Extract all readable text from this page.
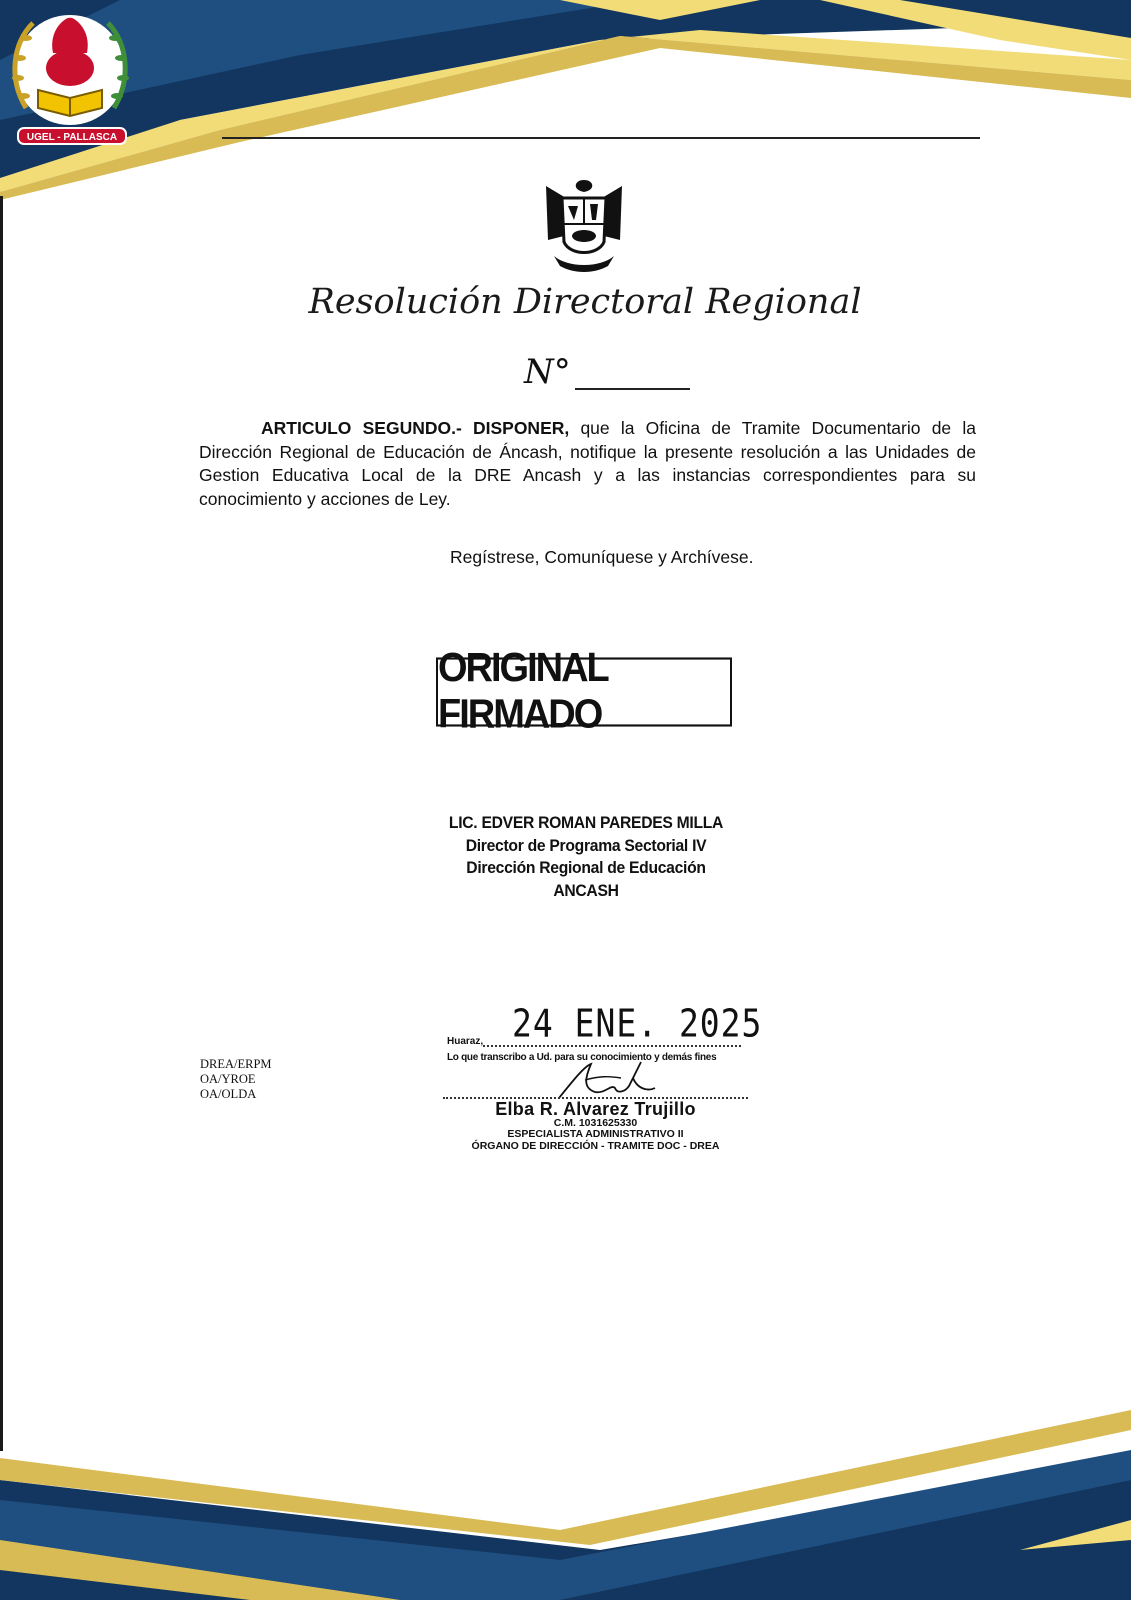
UGEL - PALLASCA
Resolución Directoral Regional
N°
ARTICULO SEGUNDO.- DISPONER, que la Oficina de Tramite Documentario de la Dirección Regional de Educación de Áncash, notifique la presente resolución a las Unidades de Gestion Educativa Local de la DRE Ancash y a las instancias correspondientes para su conocimiento y acciones de Ley.
Regístrese, Comuníquese y Archívese.
ORIGINAL FIRMADO
LIC. EDVER ROMAN PAREDES MILLA
Director de Programa Sectorial IV
Dirección Regional de Educación
ANCASH
DREA/ERPM
OA/YROE
OA/OLDA
Huaraz, 24 ENE. 2025
Lo que transcribo a Ud. para su conocimiento y demás fines
Elba R. Alvarez Trujillo
C.M. 1031625330
ESPECIALISTA ADMINISTRATIVO II
ÓRGANO DE DIRECCIÓN - TRAMITE DOC - DREA
